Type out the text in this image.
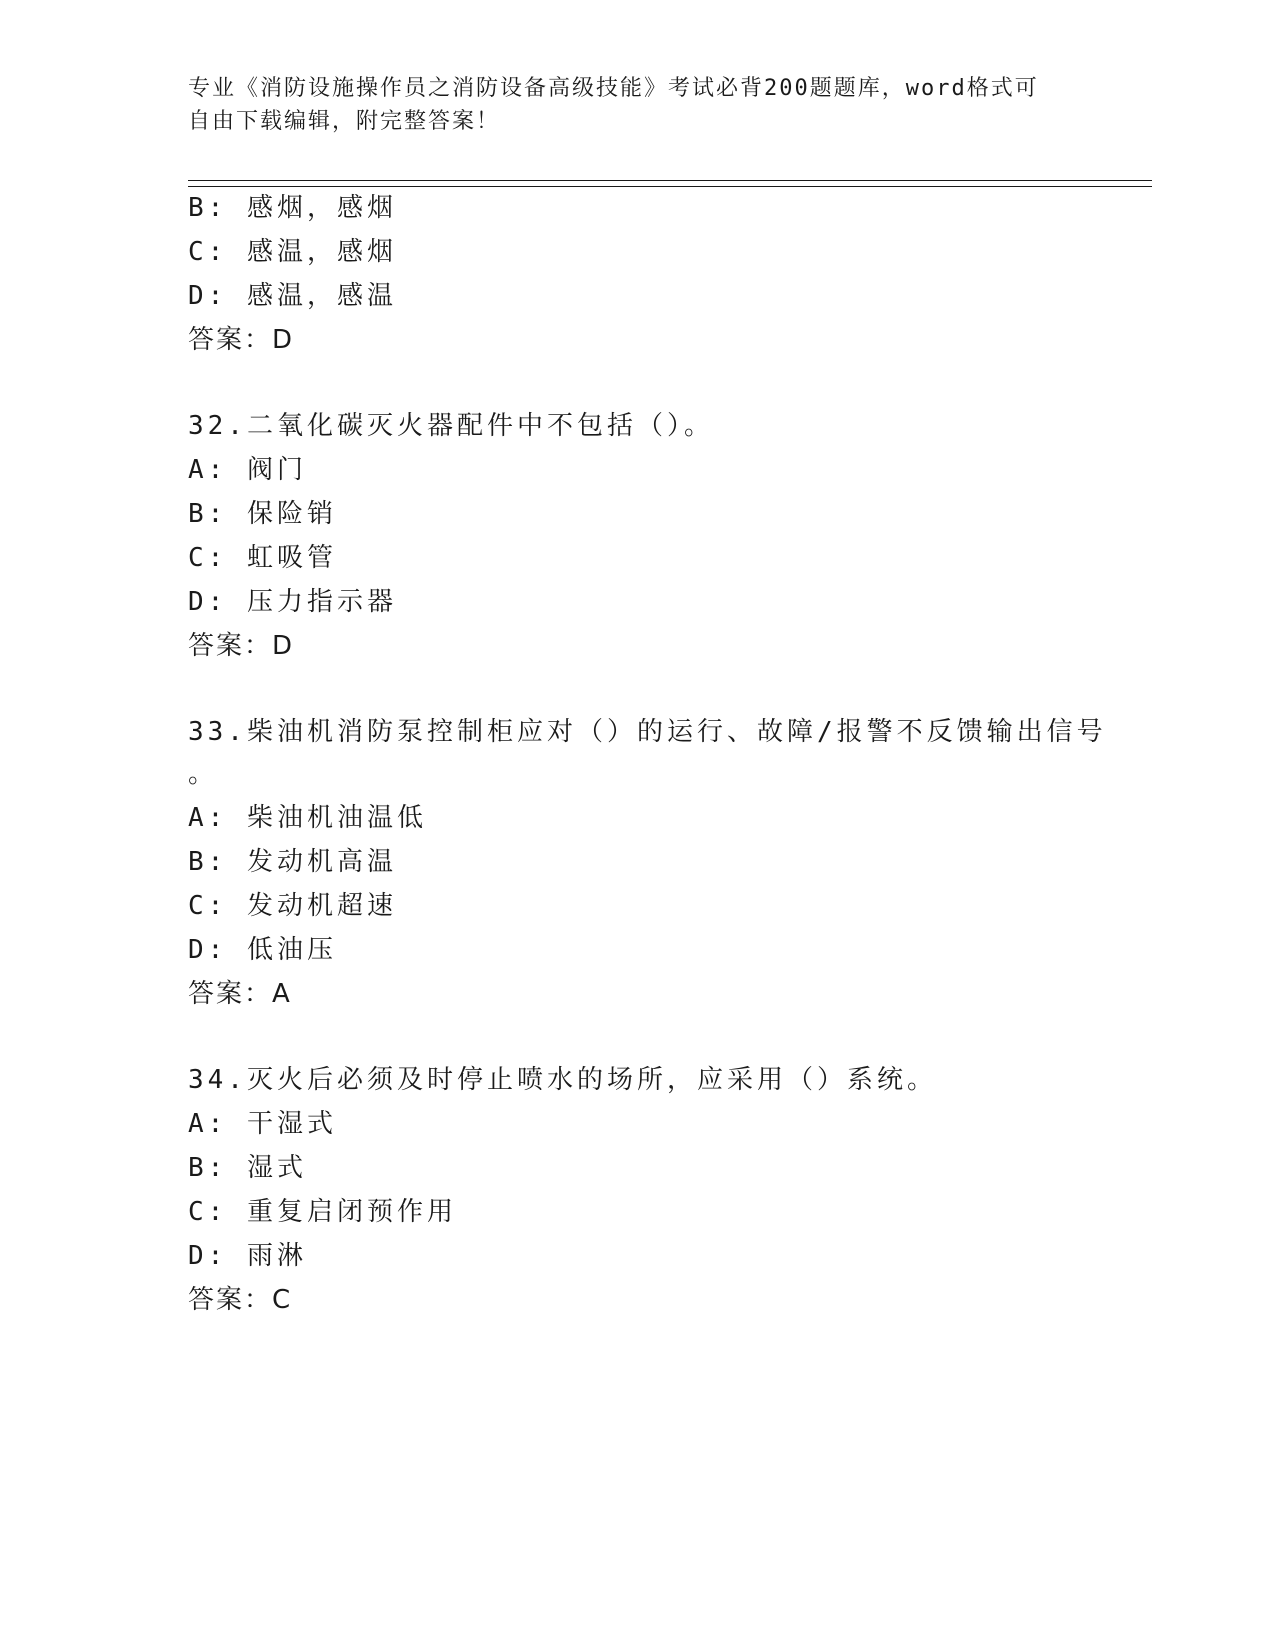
专业《消防设施操作员之消防设备高级技能》考试必背200题题库，word格式可
自由下载编辑，附完整答案！
B: 感烟，感烟
C: 感温，感烟
D: 感温，感温
答案：D
32.二氧化碳灭火器配件中不包括（）。
A: 阀门
B: 保险销
C: 虹吸管
D: 压力指示器
答案：D
33.柴油机消防泵控制柜应对（）的运行、故障/报警不反馈输出信号
。
A: 柴油机油温低
B: 发动机高温
C: 发动机超速
D: 低油压
答案：A
34.灭火后必须及时停止喷水的场所，应采用（）系统。
A: 干湿式
B: 湿式
C: 重复启闭预作用
D: 雨淋
答案：C
